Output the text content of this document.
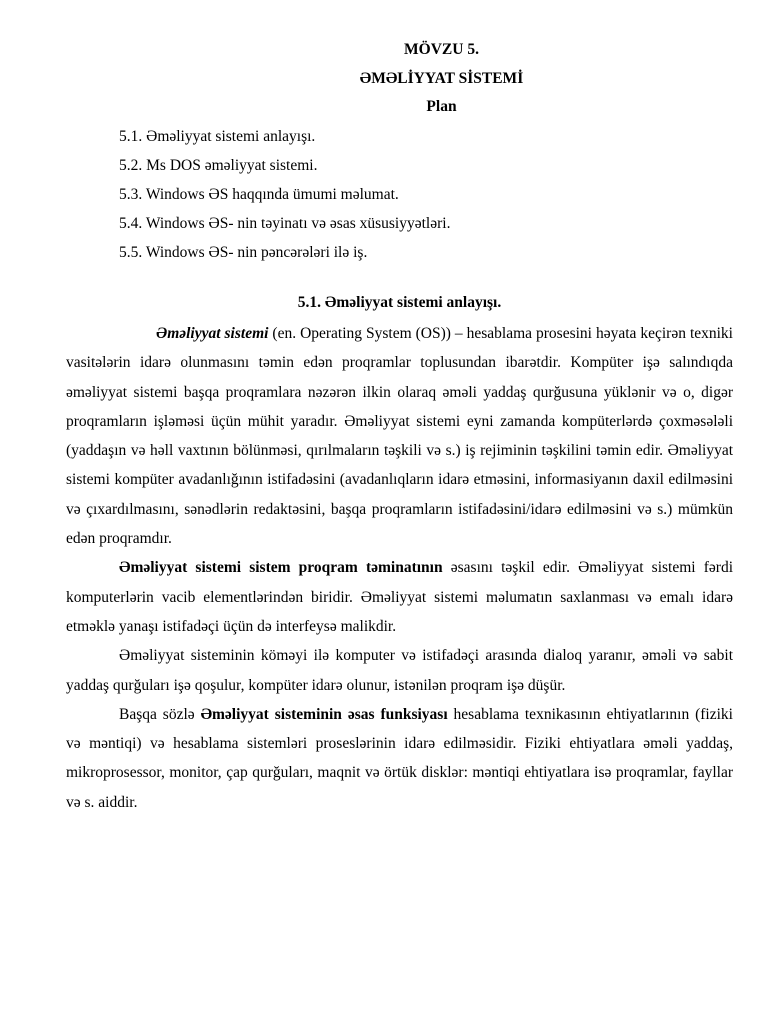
MÖVZU 5.

ƏMƏLİYYAT SİSTEMİ

Plan

5.1. Əməliyyat sistemi anlayışı.
5.2. Ms DOS əməliyyat sistemi.
5.3. Windows ƏS haqqında ümumi məlumat.
5.4. Windows ƏS- nin təyinatı və əsas xüsusiyyətləri.
5.5. Windows ƏS- nin pəncərələri ilə iş.

5.1. Əməliyyat sistemi anlayışı.

Əməliyyat sistemi (en. Operating System (OS)) – hesablama prosesini həyata keçirən texniki vasitələrin idarə olunmasını təmin edən proqramlar toplusundan ibarətdir. Kompüter işə salındıqda əməliyyat sistemi başqa proqramlara nəzərən ilkin olaraq əməli yaddaş qurğusuna yüklənir və o, digər proqramların işləməsi üçün mühit yaradır. Əməliyyat sistemi eyni zamanda kompüterlərdə çoxməsələli (yaddaşın və həll vaxtının bölünməsi, qırılmaların təşkili və s.) iş rejiminin təşkilini təmin edir. Əməliyyat sistemi kompüter avadanlığının istifadəsini (avadanlıqların idarə etməsini, informasiyanın daxil edilməsini və çıxardılmasını, sənədlərin redaktəsini, başqa proqramların istifadəsini/idarə edilməsini və s.) mümkün edən proqramdır.

Əməliyyat sistemi sistem proqram təminatının əsasını təşkil edir. Əməliyyat sistemi fərdi komputerlərin vacib elementlərindən biridir. Əməliyyat sistemi məlumatın saxlanması və emalı idarə etməklə yanaşı istifadəçi üçün də interfeysə malikdir.

Əməliyyat sisteminin köməyi ilə komputer və istifadəçi arasında dialoq yaranır, əməli və sabit yaddaş qurğuları işə qoşulur, kompüter idarə olunur, istənilən proqram işə düşür.

Başqa sözlə Əməliyyat sisteminin əsas funksiyası hesablama texnikasının ehtiyatlarının (fiziki və məntiqi) və hesablama sistemləri proseslərinin idarə edilməsidir. Fiziki ehtiyatlara əməli yaddaş, mikroprosessor, monitor, çap qurğuları, maqnit və örtük disklər: məntiqi ehtiyatlara isə proqramlar, fayllar və s. aiddir.
